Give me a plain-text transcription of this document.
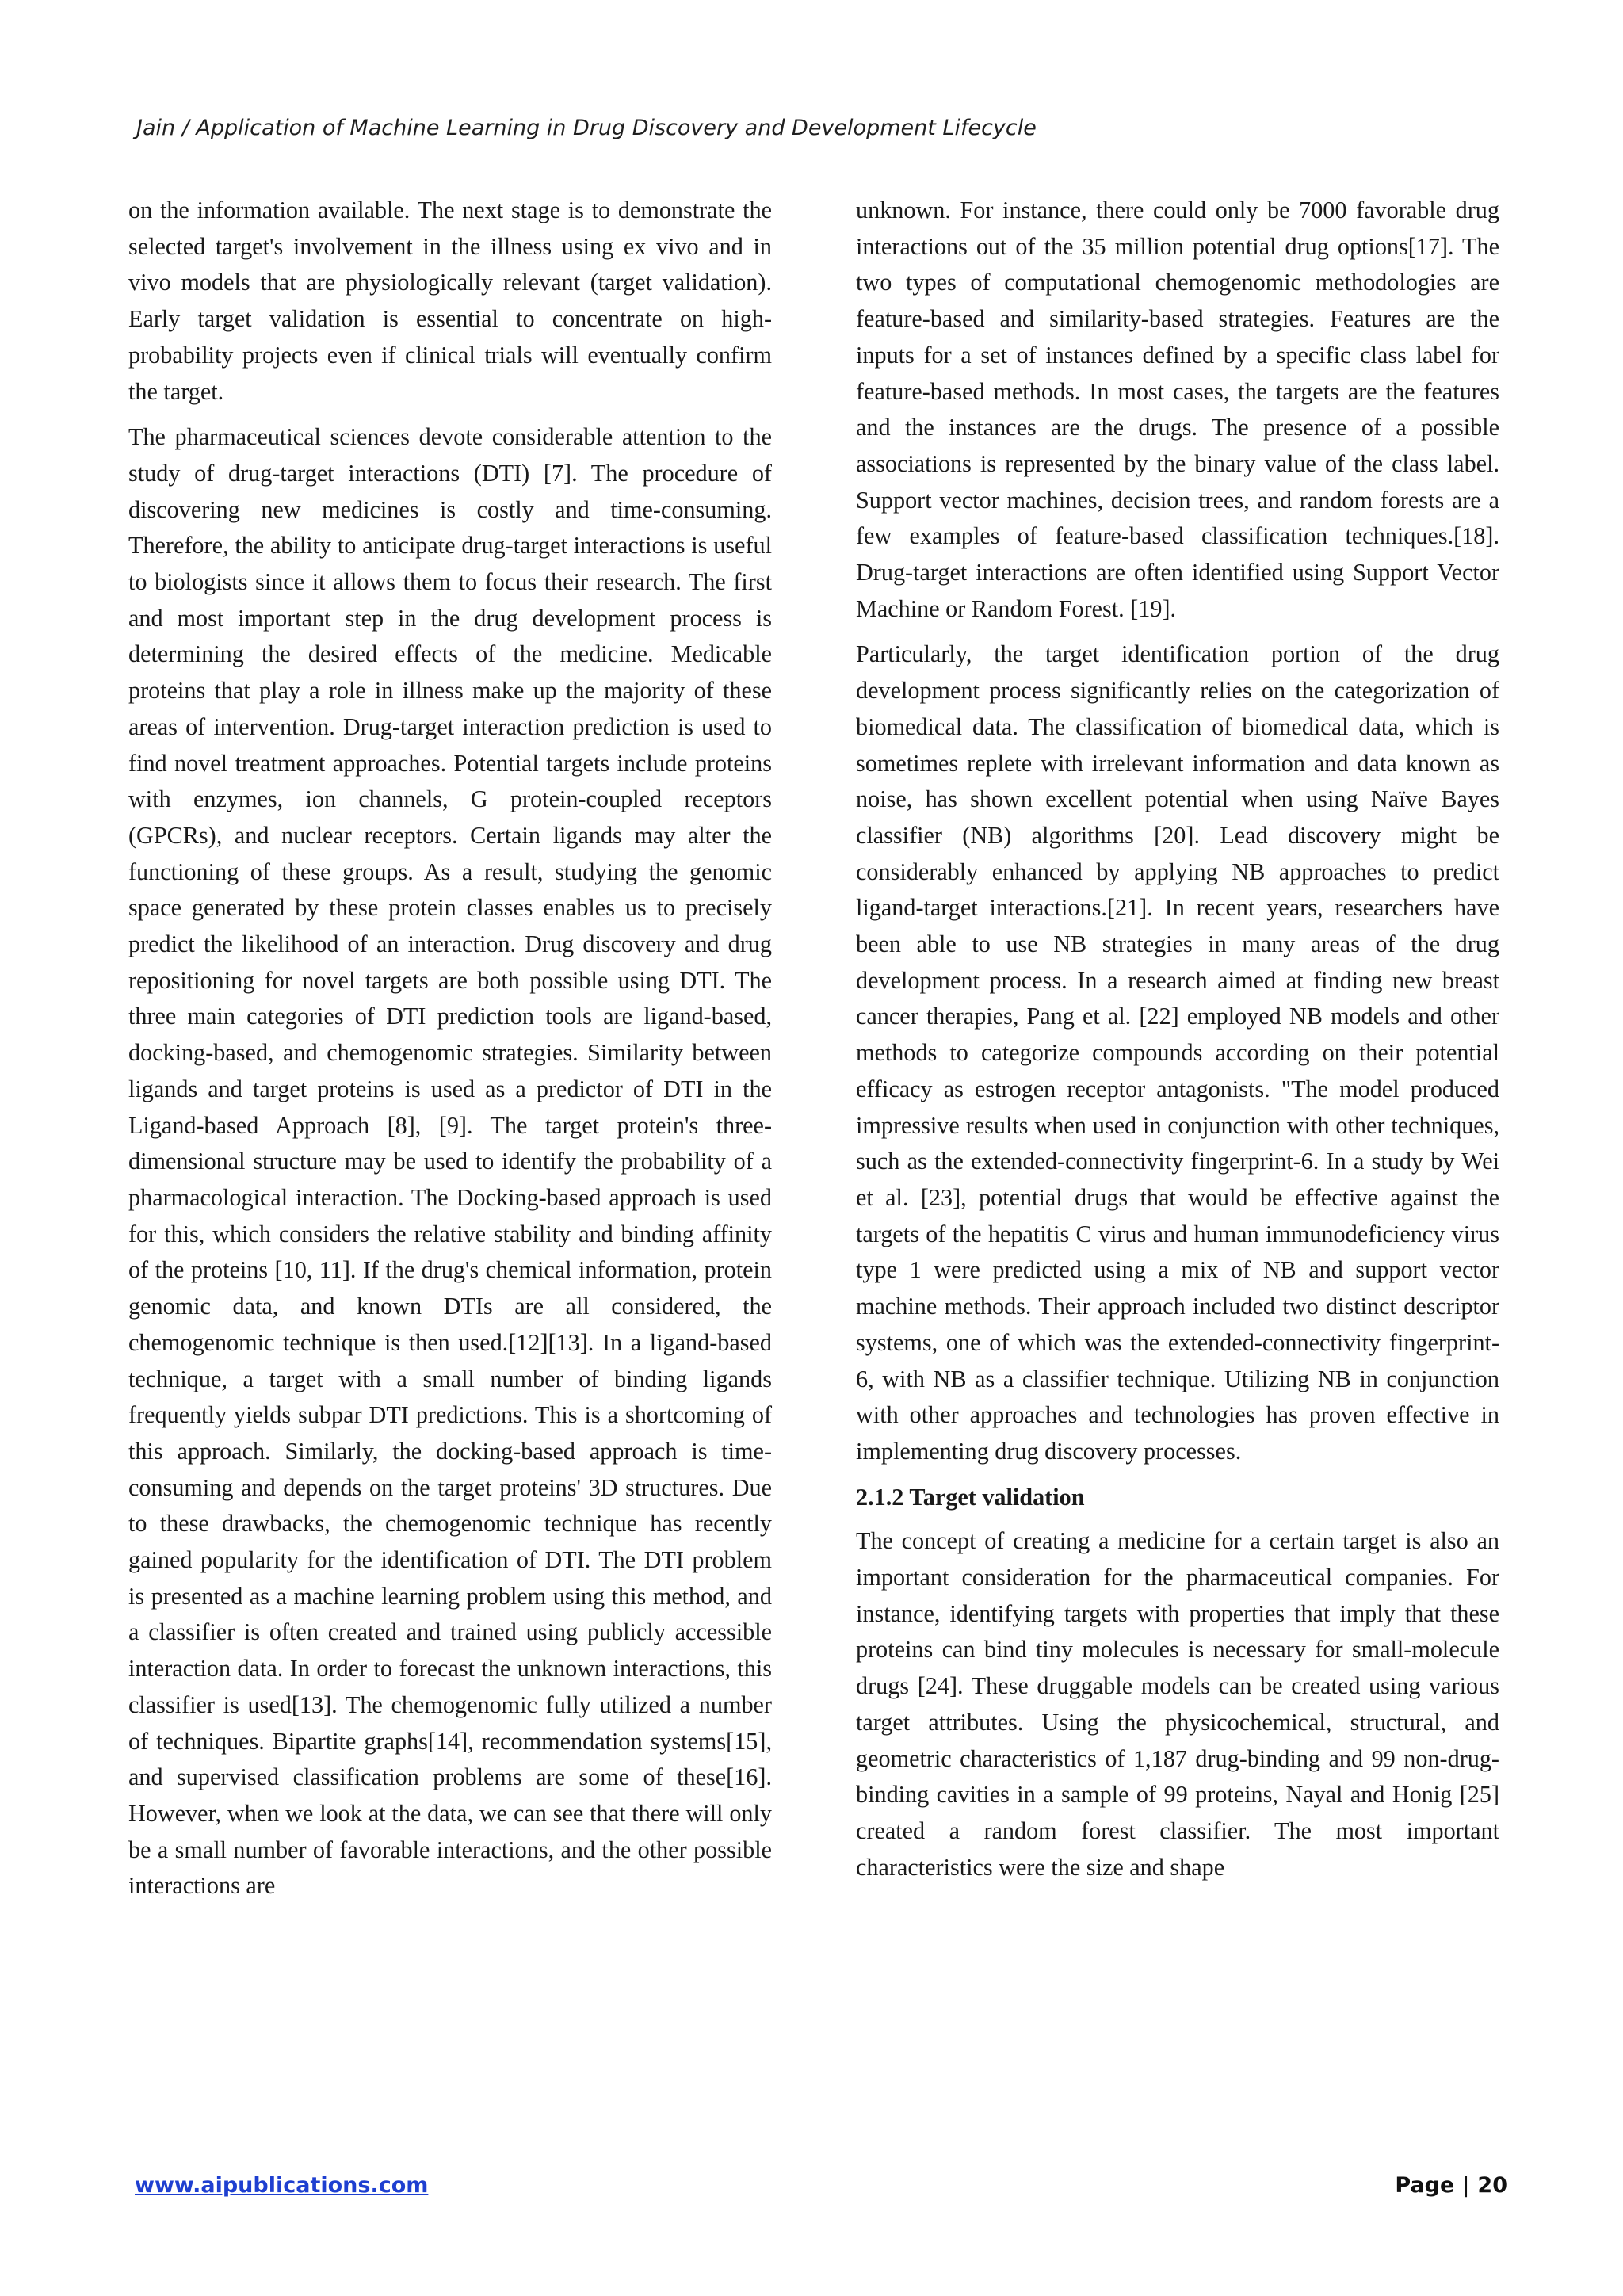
Jain / Application of Machine Learning in Drug Discovery and Development Lifecycle

on the information available. The next stage is to demonstrate the selected target's involvement in the illness using ex vivo and in vivo models that are physiologically relevant (target validation). Early target validation is essential to concentrate on high-probability projects even if clinical trials will eventually confirm the target.

The pharmaceutical sciences devote considerable attention to the study of drug-target interactions (DTI) [7]. The procedure of discovering new medicines is costly and time-consuming. Therefore, the ability to anticipate drug-target interactions is useful to biologists since it allows them to focus their research. The first and most important step in the drug development process is determining the desired effects of the medicine. Medicable proteins that play a role in illness make up the majority of these areas of intervention. Drug-target interaction prediction is used to find novel treatment approaches. Potential targets include proteins with enzymes, ion channels, G protein-coupled receptors (GPCRs), and nuclear receptors. Certain ligands may alter the functioning of these groups. As a result, studying the genomic space generated by these protein classes enables us to precisely predict the likelihood of an interaction. Drug discovery and drug repositioning for novel targets are both possible using DTI. The three main categories of DTI prediction tools are ligand-based, docking-based, and chemogenomic strategies. Similarity between ligands and target proteins is used as a predictor of DTI in the Ligand-based Approach [8], [9]. The target protein's three-dimensional structure may be used to identify the probability of a pharmacological interaction. The Docking-based approach is used for this, which considers the relative stability and binding affinity of the proteins [10, 11]. If the drug's chemical information, protein genomic data, and known DTIs are all considered, the chemogenomic technique is then used.[12][13]. In a ligand-based technique, a target with a small number of binding ligands frequently yields subpar DTI predictions. This is a shortcoming of this approach. Similarly, the docking-based approach is time-consuming and depends on the target proteins' 3D structures. Due to these drawbacks, the chemogenomic technique has recently gained popularity for the identification of DTI. The DTI problem is presented as a machine learning problem using this method, and a classifier is often created and trained using publicly accessible interaction data. In order to forecast the unknown interactions, this classifier is used[13]. The chemogenomic fully utilized a number of techniques. Bipartite graphs[14], recommendation systems[15], and supervised classification problems are some of these[16]. However, when we look at the data, we can see that there will only be a small number of favorable interactions, and the other possible interactions are

unknown. For instance, there could only be 7000 favorable drug interactions out of the 35 million potential drug options[17]. The two types of computational chemogenomic methodologies are feature-based and similarity-based strategies. Features are the inputs for a set of instances defined by a specific class label for feature-based methods. In most cases, the targets are the features and the instances are the drugs. The presence of a possible associations is represented by the binary value of the class label. Support vector machines, decision trees, and random forests are a few examples of feature-based classification techniques.[18]. Drug-target interactions are often identified using Support Vector Machine or Random Forest. [19].

Particularly, the target identification portion of the drug development process significantly relies on the categorization of biomedical data. The classification of biomedical data, which is sometimes replete with irrelevant information and data known as noise, has shown excellent potential when using Naïve Bayes classifier (NB) algorithms [20]. Lead discovery might be considerably enhanced by applying NB approaches to predict ligand-target interactions.[21]. In recent years, researchers have been able to use NB strategies in many areas of the drug development process. In a research aimed at finding new breast cancer therapies, Pang et al. [22] employed NB models and other methods to categorize compounds according on their potential efficacy as estrogen receptor antagonists. "The model produced impressive results when used in conjunction with other techniques, such as the extended-connectivity fingerprint-6. In a study by Wei et al. [23], potential drugs that would be effective against the targets of the hepatitis C virus and human immunodeficiency virus type 1 were predicted using a mix of NB and support vector machine methods. Their approach included two distinct descriptor systems, one of which was the extended-connectivity fingerprint-6, with NB as a classifier technique. Utilizing NB in conjunction with other approaches and technologies has proven effective in implementing drug discovery processes.

2.1.2 Target validation

The concept of creating a medicine for a certain target is also an important consideration for the pharmaceutical companies. For instance, identifying targets with properties that imply that these proteins can bind tiny molecules is necessary for small-molecule drugs [24]. These druggable models can be created using various target attributes. Using the physicochemical, structural, and geometric characteristics of 1,187 drug-binding and 99 non-drug-binding cavities in a sample of 99 proteins, Nayal and Honig [25] created a random forest classifier. The most important characteristics were the size and shape

www.aipublications.com	Page | 20
